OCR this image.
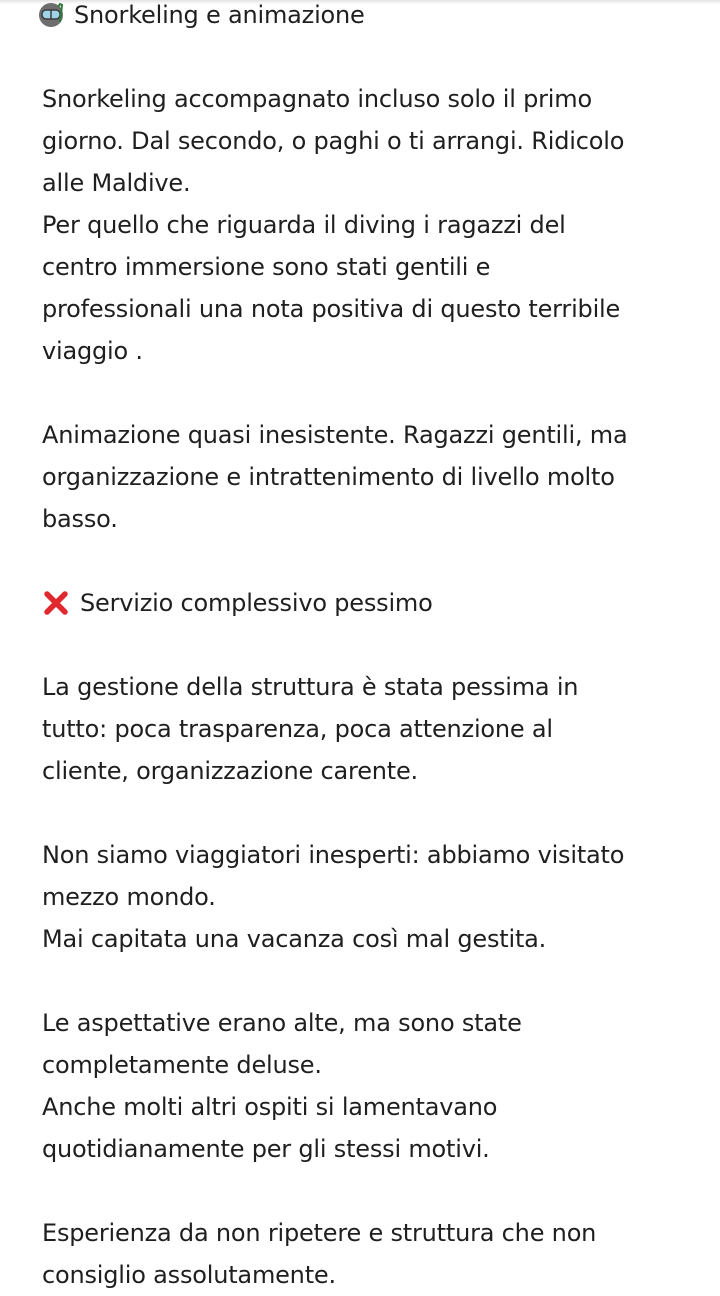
Snorkeling e animazione
Snorkeling accompagnato incluso solo il primo
giorno. Dal secondo, o paghi o ti arrangi. Ridicolo
alle Maldive.
Per quello che riguarda il diving i ragazzi del
centro immersione sono stati gentili e
professionali una nota positiva di questo terribile
viaggio .
Animazione quasi inesistente. Ragazzi gentili, ma
organizzazione e intrattenimento di livello molto
basso.
Servizio complessivo pessimo
La gestione della struttura è stata pessima in
tutto: poca trasparenza, poca attenzione al
cliente, organizzazione carente.
Non siamo viaggiatori inesperti: abbiamo visitato
mezzo mondo.
Mai capitata una vacanza così mal gestita.
Le aspettative erano alte, ma sono state
completamente deluse.
Anche molti altri ospiti si lamentavano
quotidianamente per gli stessi motivi.
Esperienza da non ripetere e struttura che non
consiglio assolutamente.
